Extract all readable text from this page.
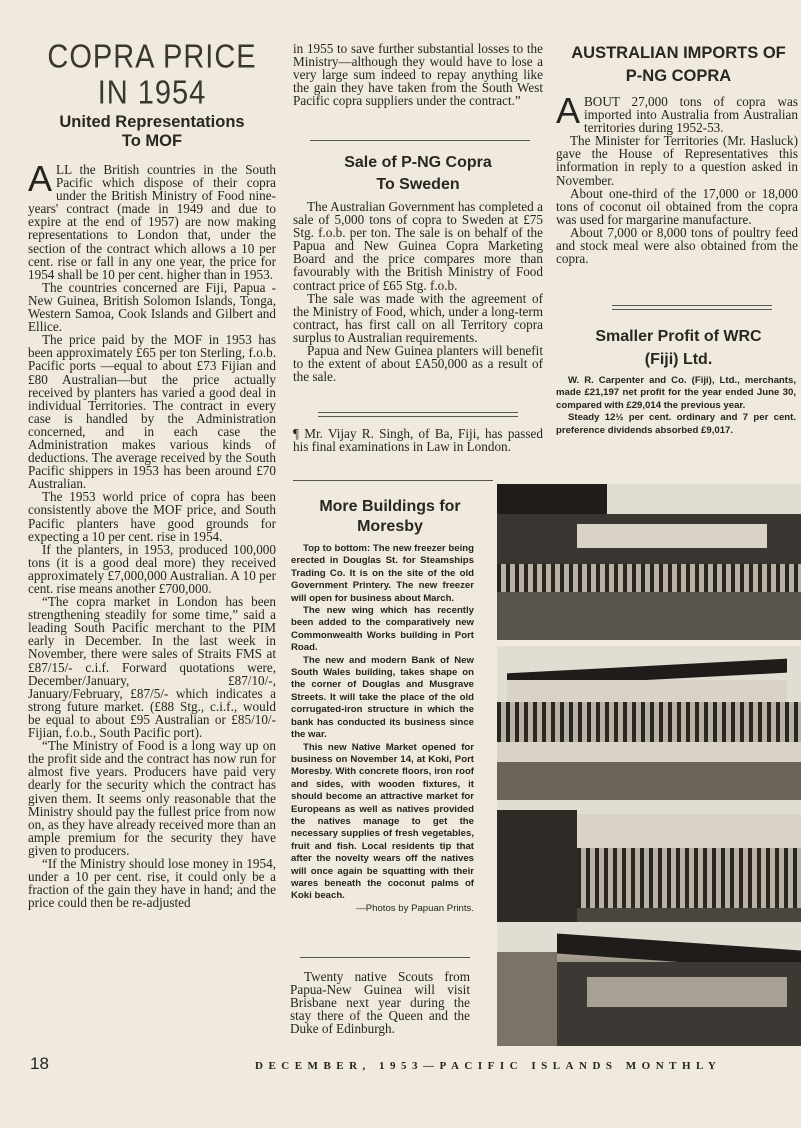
COPRA PRICE
IN 1954
United Representations
To MOF

ALL the British countries in the South Pacific which dispose of their copra under the British Ministry of Food nine-years' contract (made in 1949 and due to expire at the end of 1957) are now making representations to London that, under the section of the contract which allows a 10 per cent. rise or fall in any one year, the price for 1954 shall be 10 per cent. higher than in 1953.

The countries concerned are Fiji, Papua - New Guinea, British Solomon Islands, Tonga, Western Samoa, Cook Islands and Gilbert and Ellice.

The price paid by the MOF in 1953 has been approximately £65 per ton Sterling, f.o.b. Pacific ports —equal to about £73 Fijian and £80 Australian—but the price actually received by planters has varied a good deal in individual Territories. The contract in every case is handled by the Administration concerned, and in each case the Administration makes various kinds of deductions. The average received by the South Pacific shippers in 1953 has been around £70 Australian.

The 1953 world price of copra has been consistently above the MOF price, and South Pacific planters have good grounds for expecting a 10 per cent. rise in 1954.

If the planters, in 1953, produced 100,000 tons (it is a good deal more) they received approximately £7,000,000 Australian. A 10 per cent. rise means another £700,000.

“The copra market in London has been strengthening steadily for some time,” said a leading South Pacific merchant to the PIM early in December. In the last week in November, there were sales of Straits FMS at £87/15/- c.i.f. Forward quotations were, December/January, £87/10/-, January/February, £87/5/- which indicates a strong future market. (£88 Stg., c.i.f., would be equal to about £95 Australian or £85/10/- Fijian, f.o.b., South Pacific port).

“The Ministry of Food is a long way up on the profit side and the contract has now run for almost five years. Producers have paid very dearly for the security which the contract has given them. It seems only reasonable that the Ministry should pay the fullest price from now on, as they have already received more than an ample premium for the security they have given to producers.

“If the Ministry should lose money in 1954, under a 10 per cent. rise, it could only be a fraction of the gain they have in hand; and the price could then be re-adjusted

in 1955 to save further substantial losses to the Ministry—although they would have to lose a very large sum indeed to repay anything like the gain they have taken from the South West Pacific copra suppliers under the contract.”

Sale of P-NG Copra
To Sweden

The Australian Government has completed a sale of 5,000 tons of copra to Sweden at £75 Stg. f.o.b. per ton. The sale is on behalf of the Papua and New Guinea Copra Marketing Board and the price compares more than favourably with the British Ministry of Food contract price of £65 Stg. f.o.b.

The sale was made with the agreement of the Ministry of Food, which, under a long-term contract, has first call on all Territory copra surplus to Australian requirements.

Papua and New Guinea planters will benefit to the extent of about £A50,000 as a result of the sale.

¶ Mr. Vijay R. Singh, of Ba, Fiji, has passed his final examinations in Law in London.

More Buildings for
Moresby

Top to bottom: The new freezer being erected in Douglas St. for Steamships Trading Co. It is on the site of the old Government Printery. The new freezer will open for business about March.

The new wing which has recently been added to the comparatively new Commonwealth Works building in Port Road.

The new and modern Bank of New South Wales building, takes shape on the corner of Douglas and Musgrave Streets. It will take the place of the old corrugated-iron structure in which the bank has conducted its business since the war.

This new Native Market opened for business on November 14, at Koki, Port Moresby. With concrete floors, iron roof and sides, with wooden fixtures, it should become an attractive market for Europeans as well as natives provided the natives manage to get the necessary supplies of fresh vegetables, fruit and fish. Local residents tip that after the novelty wears off the natives will once again be squatting with their wares beneath the coconut palms of Koki beach.

—Photos by Papuan Prints.

Twenty native Scouts from Papua-New Guinea will visit Brisbane next year during the stay there of the Queen and the Duke of Edinburgh.

AUSTRALIAN IMPORTS OF
P-NG COPRA

ABOUT 27,000 tons of copra was imported into Australia from Australian territories during 1952-53.

The Minister for Territories (Mr. Hasluck) gave the House of Representatives this information in reply to a question asked in November.

About one-third of the 17,000 or 18,000 tons of coconut oil obtained from the copra was used for margarine manufacture.

About 7,000 or 8,000 tons of poultry feed and stock meal were also obtained from the copra.

Smaller Profit of WRC
(Fiji) Ltd.

W. R. Carpenter and Co. (Fiji), Ltd., merchants, made £21,197 net profit for the year ended June 30, compared with £29,014 the previous year.

Steady 12½ per cent. ordinary and 7 per cent. preference dividends absorbed £9,017.

18	DECEMBER, 1953—PACIFIC ISLANDS MONTHLY
